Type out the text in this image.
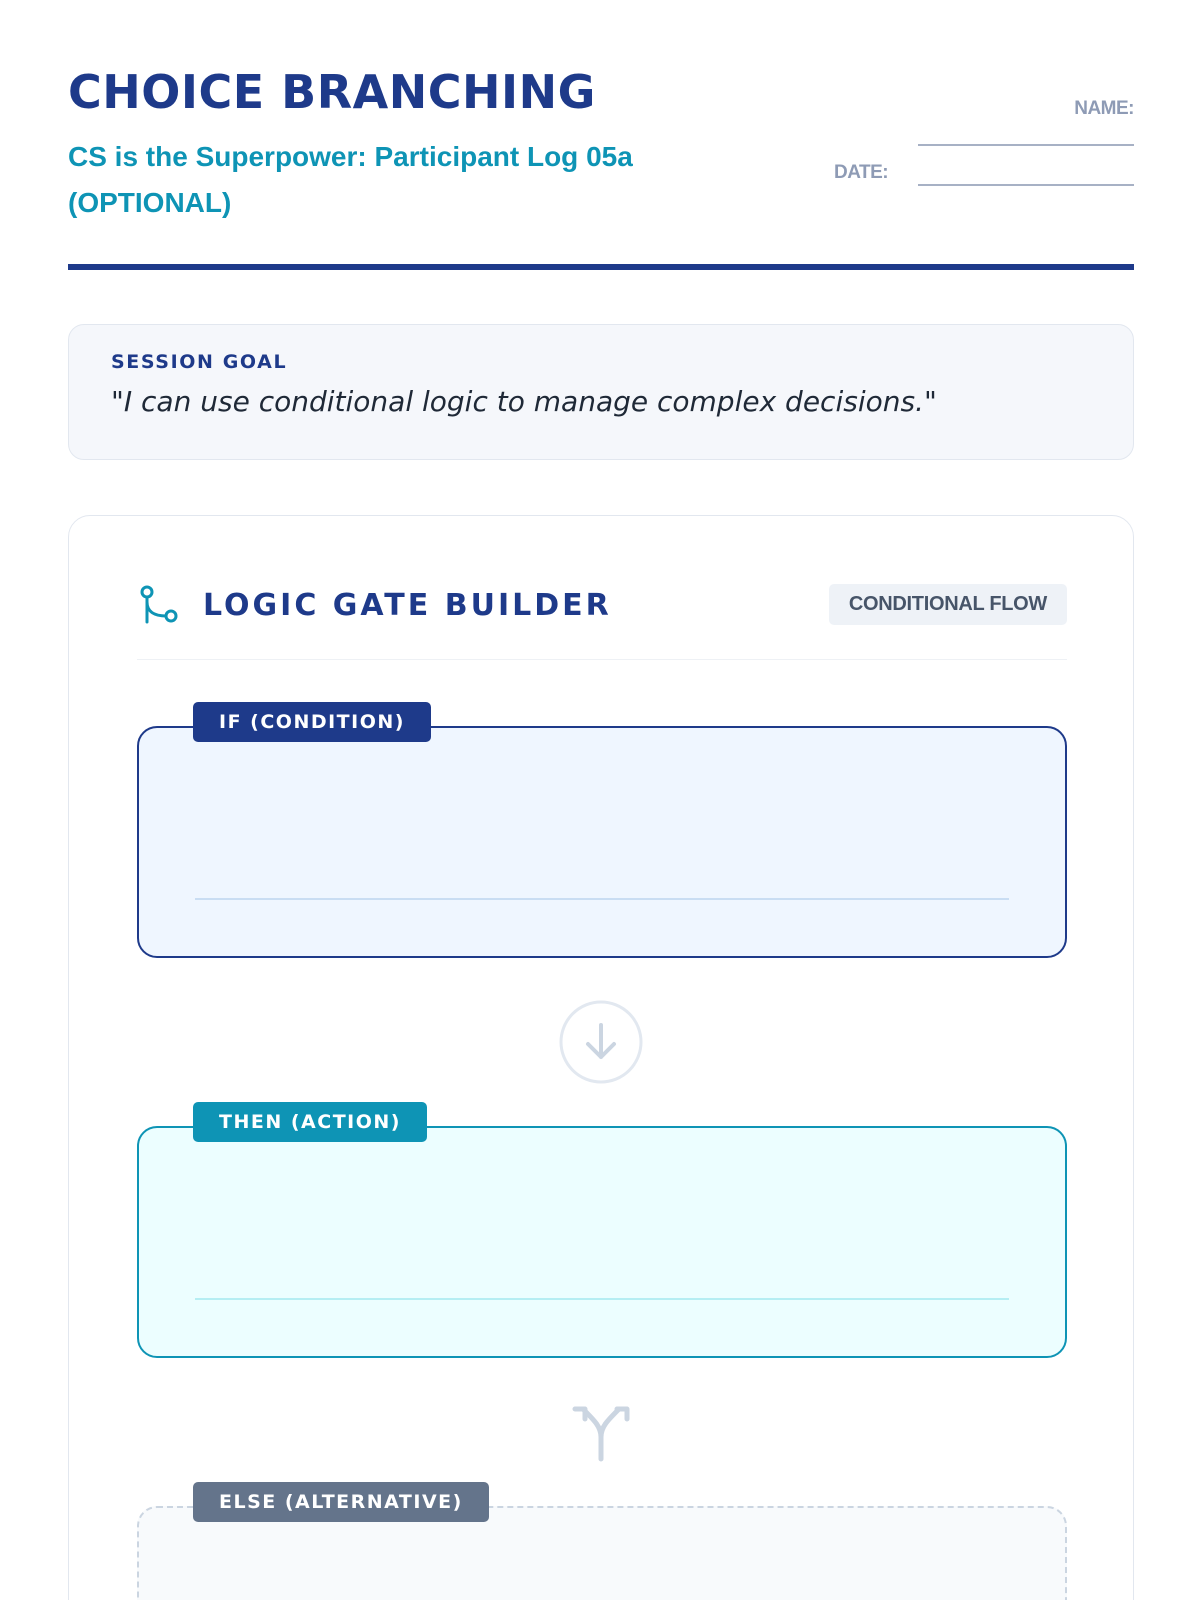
CHOICE BRANCHING
CS is the Superpower: Participant Log 05a (OPTIONAL)
NAME:
DATE:
SESSION GOAL
"I can use conditional logic to manage complex decisions."
LOGIC GATE BUILDER	CONDITIONAL FLOW
IF (CONDITION)
THEN (ACTION)
ELSE (ALTERNATIVE)
